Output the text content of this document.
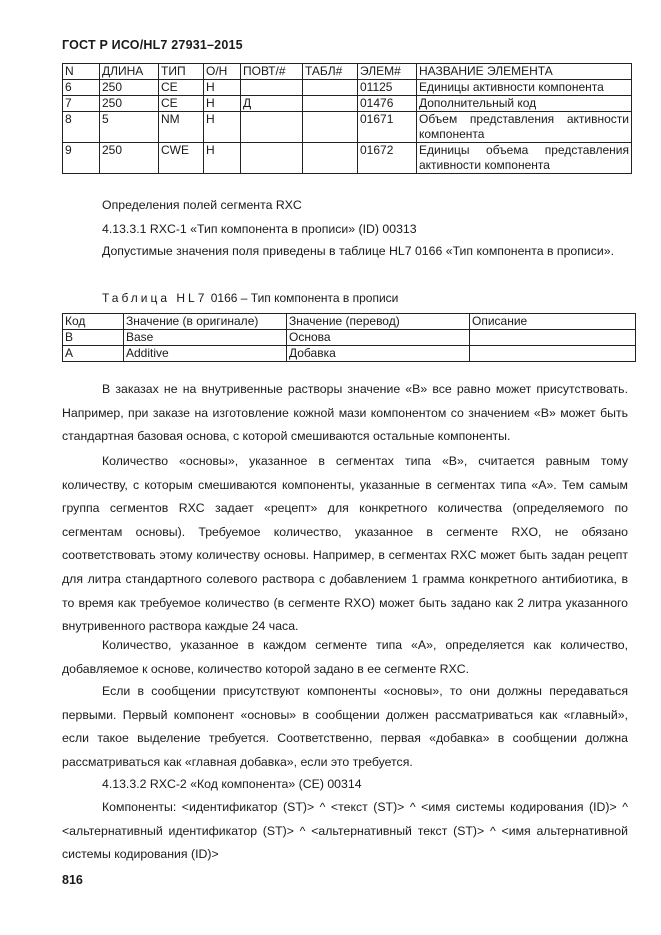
ГОСТ Р ИСО/HL7 27931–2015
N	ДЛИНА	ТИП	О/Н	ПОВТ/#	ТАБЛ#	ЭЛЕМ#	НАЗВАНИЕ ЭЛЕМЕНТА
6	250	CE	Н			01125	Единицы активности компонента
7	250	CE	Н	Д		01476	Дополнительный код
8	5	NM	Н			01671	Объем представления активности компонента
9	250	CWE	Н			01672	Единицы объема представления активности компонента
Определения полей сегмента RXC
4.13.3.1 RXC-1 «Тип компонента в прописи» (ID) 00313

Допустимые значения поля приведены в таблице HL7 0166 «Тип компонента в прописи».

Таблица HL7 0166 – Тип компонента в прописи
Код	Значение (в оригинале)	Значение (перевод)	Описание
B	Base	Основа	
A	Additive	Добавка	

В заказах не на внутривенные растворы значение «B» все равно может присутствовать. Например, при заказе на изготовление кожной мази компонентом со значением «B» может быть стандартная базовая основа, с которой смешиваются остальные компоненты.

Количество «основы», указанное в сегментах типа «B», считается равным тому количеству, с которым смешиваются компоненты, указанные в сегментах типа «A». Тем самым группа сегментов RXC задает «рецепт» для конкретного количества (определяемого по сегментам основы). Требуемое количество, указанное в сегменте RXO, не обязано соответствовать этому количеству основы. Например, в сегментах RXC может быть задан рецепт для литра стандартного солевого раствора с добавлением 1 грамма конкретного антибиотика, в то время как требуемое количество (в сегменте RXO) может быть задано как 2 литра указанного внутривенного раствора каждые 24 часа.

Количество, указанное в каждом сегменте типа «A», определяется как количество, добавляемое к основе, количество которой задано в ее сегменте RXC.

Если в сообщении присутствуют компоненты «основы», то они должны передаваться первыми. Первый компонент «основы» в сообщении должен рассматриваться как «главный», если такое выделение требуется. Соответственно, первая «добавка» в сообщении должна рассматриваться как «главная добавка», если это требуется.

4.13.3.2 RXC-2 «Код компонента» (CE) 00314

Компоненты: <идентификатор (ST)> ^ <текст (ST)> ^ <имя системы кодирования (ID)> ^ <альтернативный идентификатор (ST)> ^ <альтернативный текст (ST)> ^ <имя альтернативной системы кодирования (ID)>

816
